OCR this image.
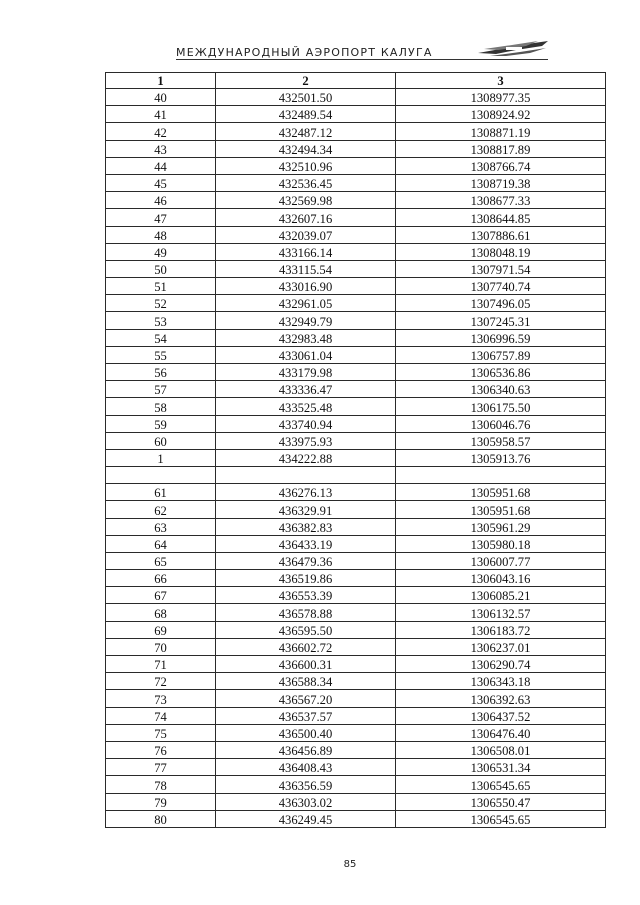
МЕЖДУНАРОДНЫЙ АЭРОПОРТ КАЛУГА
1	2	3
40	432501.50	1308977.35
41	432489.54	1308924.92
42	432487.12	1308871.19
43	432494.34	1308817.89
44	432510.96	1308766.74
45	432536.45	1308719.38
46	432569.98	1308677.33
47	432607.16	1308644.85
48	432039.07	1307886.61
49	433166.14	1308048.19
50	433115.54	1307971.54
51	433016.90	1307740.74
52	432961.05	1307496.05
53	432949.79	1307245.31
54	432983.48	1306996.59
55	433061.04	1306757.89
56	433179.98	1306536.86
57	433336.47	1306340.63
58	433525.48	1306175.50
59	433740.94	1306046.76
60	433975.93	1305958.57
1	434222.88	1305913.76

61	436276.13	1305951.68
62	436329.91	1305951.68
63	436382.83	1305961.29
64	436433.19	1305980.18
65	436479.36	1306007.77
66	436519.86	1306043.16
67	436553.39	1306085.21
68	436578.88	1306132.57
69	436595.50	1306183.72
70	436602.72	1306237.01
71	436600.31	1306290.74
72	436588.34	1306343.18
73	436567.20	1306392.63
74	436537.57	1306437.52
75	436500.40	1306476.40
76	436456.89	1306508.01
77	436408.43	1306531.34
78	436356.59	1306545.65
79	436303.02	1306550.47
80	436249.45	1306545.65
85
